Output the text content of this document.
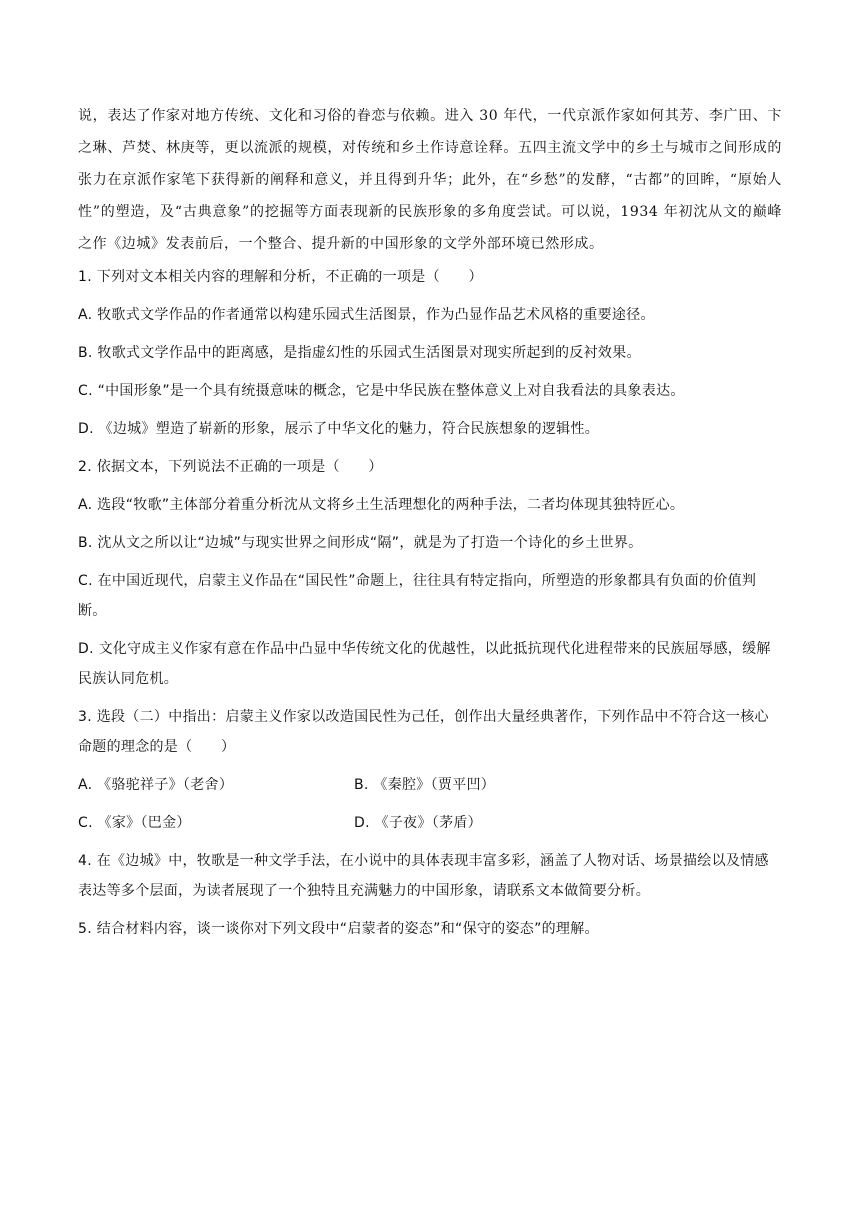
说，表达了作家对地方传统、文化和习俗的眷恋与依赖。进入 30 年代，一代京派作家如何其芳、李广田、卞之琳、芦焚、林庚等，更以流派的规模，对传统和乡土作诗意诠释。五四主流文学中的乡土与城市之间形成的张力在京派作家笔下获得新的阐释和意义，并且得到升华；此外，在“乡愁”的发酵，“古都”的回眸，“原始人性”的塑造，及“古典意象”的挖掘等方面表现新的民族形象的多角度尝试。可以说，1934 年初沈从文的巅峰之作《边城》发表前后，一个整合、提升新的中国形象的文学外部环境已然形成。

1. 下列对文本相关内容的理解和分析，不正确的一项是（　　）

A. 牧歌式文学作品的作者通常以构建乐园式生活图景，作为凸显作品艺术风格的重要途径。

B. 牧歌式文学作品中的距离感，是指虚幻性的乐园式生活图景对现实所起到的反衬效果。

C. “中国形象”是一个具有统摄意味的概念，它是中华民族在整体意义上对自我看法的具象表达。

D. 《边城》塑造了崭新的形象，展示了中华文化的魅力，符合民族想象的逻辑性。

2. 依据文本，下列说法不正确的一项是（　　）

A. 选段“牧歌”主体部分着重分析沈从文将乡土生活理想化的两种手法，二者均体现其独特匠心。

B. 沈从文之所以让“边城”与现实世界之间形成“隔”，就是为了打造一个诗化的乡土世界。

C. 在中国近现代，启蒙主义作品在“国民性”命题上，往往具有特定指向，所塑造的形象都具有负面的价值判断。

D. 文化守成主义作家有意在作品中凸显中华传统文化的优越性，以此抵抗现代化进程带来的民族屈辱感，缓解民族认同危机。

3. 选段（二）中指出：启蒙主义作家以改造国民性为己任，创作出大量经典著作，下列作品中不符合这一核心命题的理念的是（　　）

A. 《骆驼祥子》（老舍）	B. 《秦腔》（贾平凹）
C. 《家》（巴金）	D. 《子夜》（茅盾）

4. 在《边城》中，牧歌是一种文学手法，在小说中的具体表现丰富多彩，涵盖了人物对话、场景描绘以及情感表达等多个层面，为读者展现了一个独特且充满魅力的中国形象，请联系文本做简要分析。

5. 结合材料内容，谈一谈你对下列文段中“启蒙者的姿态”和“保守的姿态”的理解。
